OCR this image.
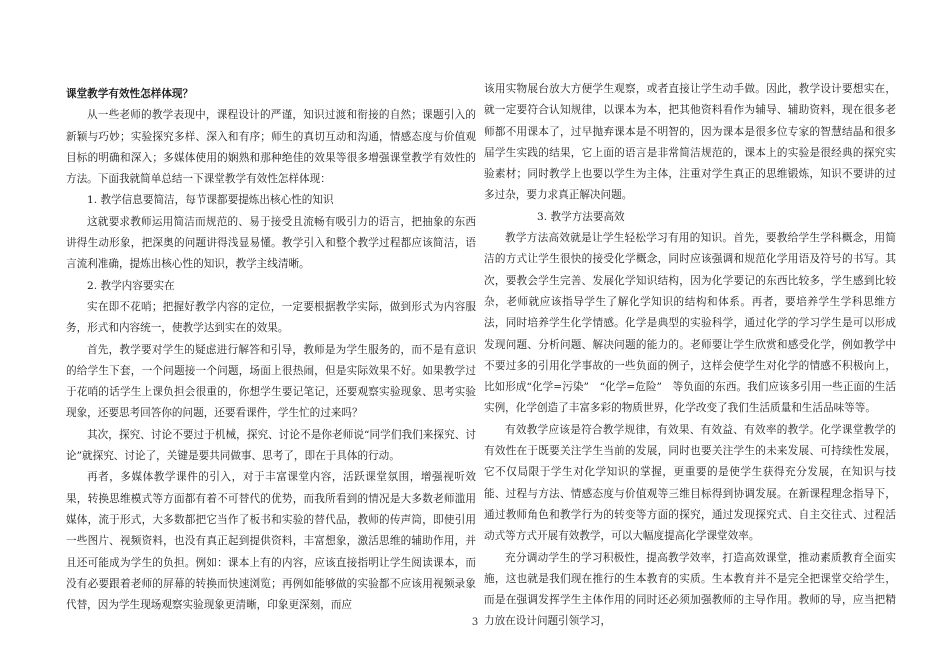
课堂教学有效性怎样体现？

从一些老师的教学表现中，课程设计的严谨，知识过渡和衔接的自然；课题引入的新颖与巧妙；实验探究多样、深入和有序；师生的真切互动和沟通，情感态度与价值观目标的明确和深入；多媒体使用的娴熟和那种绝佳的效果等很多增强课堂教学有效性的方法。下面我就简单总结一下课堂教学有效性怎样体现：

1. 教学信息要简洁，每节课都要提炼出核心性的知识

这就要求教师运用简洁而规范的、易于接受且流畅有吸引力的语言，把抽象的东西讲得生动形象，把深奥的问题讲得浅显易懂。教学引入和整个教学过程都应该简洁，语言流利准确，提炼出核心性的知识，教学主线清晰。

2. 教学内容要实在

实在即不花哨；把握好教学内容的定位，一定要根据教学实际，做到形式为内容服务，形式和内容统一，使教学达到实在的效果。

首先，教学要对学生的疑虑进行解答和引导，教师是为学生服务的，而不是有意识的给学生下套，一个问题接一个问题，场面上很热闹，但是实际效果不好。如果教学过于花哨的话学生上课负担会很重的，你想学生要记笔记，还要观察实验现象、思考实验现象，还要思考回答你的问题，还要看课件，学生忙的过来吗？

其次，探究、讨论不要过于机械，探究、讨论不是你老师说“同学们我们来探究、讨论”就探究、讨论了，关键是要共同做事、思考了，即在于具体的行动。

再者，多媒体教学课件的引入，对于丰富课堂内容，活跃课堂氛围，增强视听效果，转换思维模式等方面都有着不可替代的优势，而我所看到的情况是大多数老师滥用媒体，流于形式，大多数都把它当作了板书和实验的替代品，教师的传声筒，即使引用一些图片、视频资料，也没有真正起到提供资料，丰富想象，激活思维的辅助作用，并且还可能成为学生的负担。例如：课本上有的内容，应该直接指明让学生阅读课本，而没有必要跟着老师的屏幕的转换而快速浏览；再例如能够做的实验都不应该用视频录象代替，因为学生现场观察实验现象更清晰，印象更深刻，而应

该用实物展台放大方便学生观察，或者直接让学生动手做。因此，教学设计要想实在，就一定要符合认知规律，以课本为本，把其他资料看作为辅导、辅助资料，现在很多老师都不用课本了，过早抛弃课本是不明智的，因为课本是很多位专家的智慧结晶和很多届学生实践的结果，它上面的语言是非常简洁规范的，课本上的实验是很经典的探究实验素材；同时教学上也要以学生为主体，注重对学生真正的思维锻炼，知识不要讲的过多过杂，要力求真正解决问题。

3. 教学方法要高效

教学方法高效就是让学生轻松学习有用的知识。首先，要教给学生学科概念，用简洁的方式让学生很快的接受化学概念，同时应该强调和规范化学用语及符号的书写。其次，要教会学生完善、发展化学知识结构，因为化学要记的东西比较多，学生感到比较杂，老师就应该指导学生了解化学知识的结构和体系。再者，要培养学生学科思维方法，同时培养学生化学情感。化学是典型的实验科学，通过化学的学习学生是可以形成发现问题、分析问题、解决问题的能力的。老师要让学生欣赏和感受化学，例如教学中不要过多的引用化学事故的一些负面的例子，这样会使学生对化学的情感不积极向上，比如形成“化学=污染”　“化学=危险”　等负面的东西。我们应该多引用一些正面的生活实例，化学创造了丰富多彩的物质世界，化学改变了我们生活质量和生活品味等等。

有效教学应该是符合教学规律，有效果、有效益、有效率的教学。化学课堂教学的有效性在于既要关注学生当前的发展，同时也要关注学生的未来发展、可持续性发展，它不仅局限于学生对化学知识的掌握，更重要的是使学生获得充分发展，在知识与技能、过程与方法、情感态度与价值观等三维目标得到协调发展。在新课程理念指导下，通过教师角色和教学行为的转变等方面的探究，通过发现探究式、自主交往式、过程活动式等方式开展有效教学，可以大幅度提高化学课堂效率。

充分调动学生的学习积极性，提高教学效率，打造高效课堂，推动素质教育全面实施，这也就是我们现在推行的生本教育的实质。生本教育并不是完全把课堂交给学生，而是在强调发挥学生主体作用的同时还必须加强教师的主导作用。教师的导，应当把精力放在设计问题引领学习，

3
